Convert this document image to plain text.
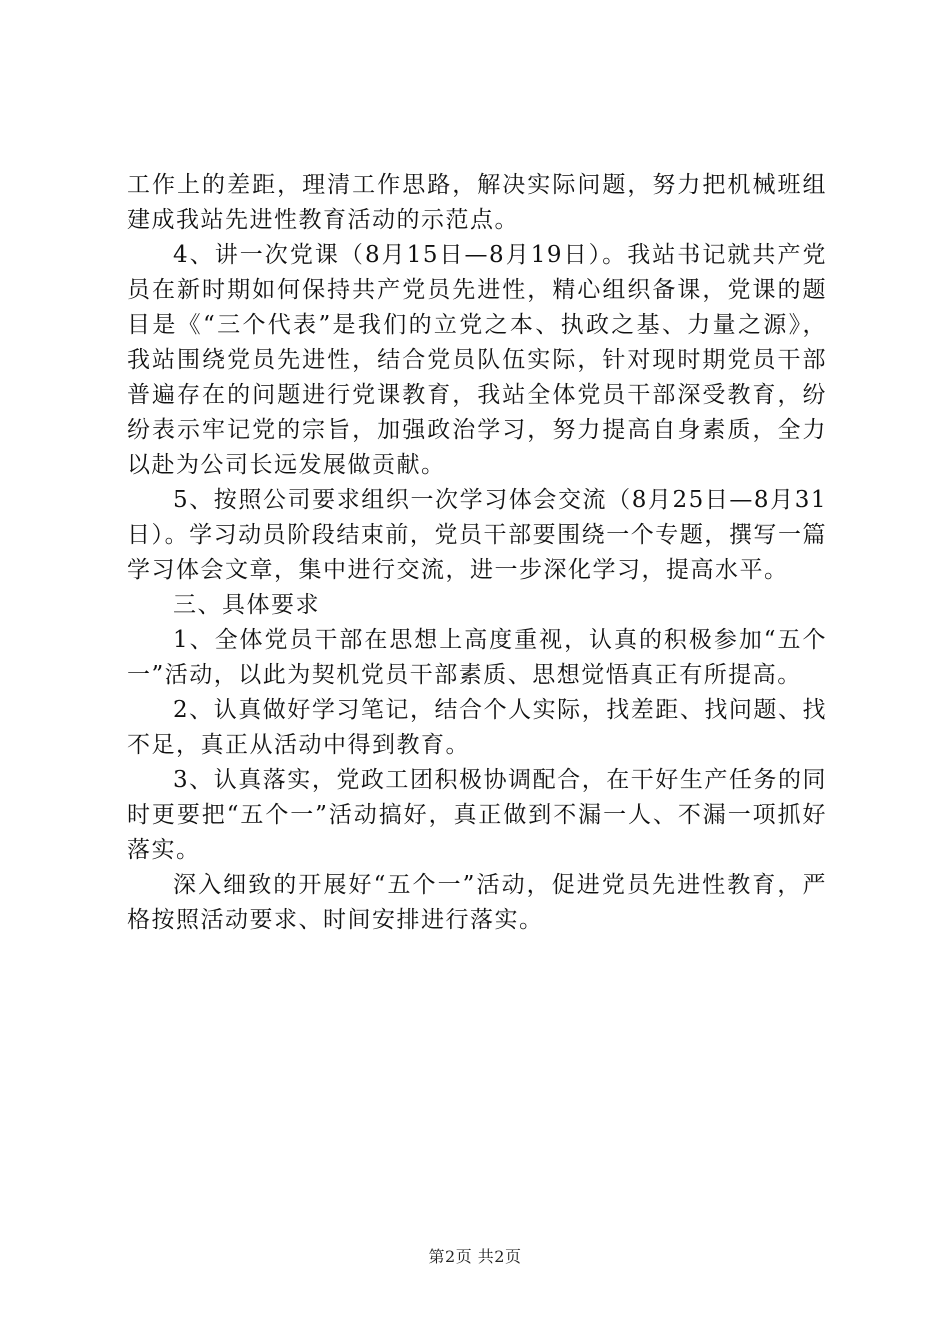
工作上的差距，理清工作思路，解决实际问题，努力把机械班组建成我站先进性教育活动的示范点。

4、讲一次党课（8月15日—8月19日）。我站书记就共产党员在新时期如何保持共产党员先进性，精心组织备课，党课的题目是《“三个代表”是我们的立党之本、执政之基、力量之源》，我站围绕党员先进性，结合党员队伍实际，针对现时期党员干部普遍存在的问题进行党课教育，我站全体党员干部深受教育，纷纷表示牢记党的宗旨，加强政治学习，努力提高自身素质，全力以赴为公司长远发展做贡献。

5、按照公司要求组织一次学习体会交流（8月25日—8月31日）。学习动员阶段结束前，党员干部要围绕一个专题，撰写一篇学习体会文章，集中进行交流，进一步深化学习，提高水平。

三、具体要求

1、全体党员干部在思想上高度重视，认真的积极参加“五个一”活动，以此为契机党员干部素质、思想觉悟真正有所提高。

2、认真做好学习笔记，结合个人实际，找差距、找问题、找不足，真正从活动中得到教育。

3、认真落实，党政工团积极协调配合，在干好生产任务的同时更要把“五个一”活动搞好，真正做到不漏一人、不漏一项抓好落实。

深入细致的开展好“五个一”活动，促进党员先进性教育，严格按照活动要求、时间安排进行落实。

第2页 共2页
